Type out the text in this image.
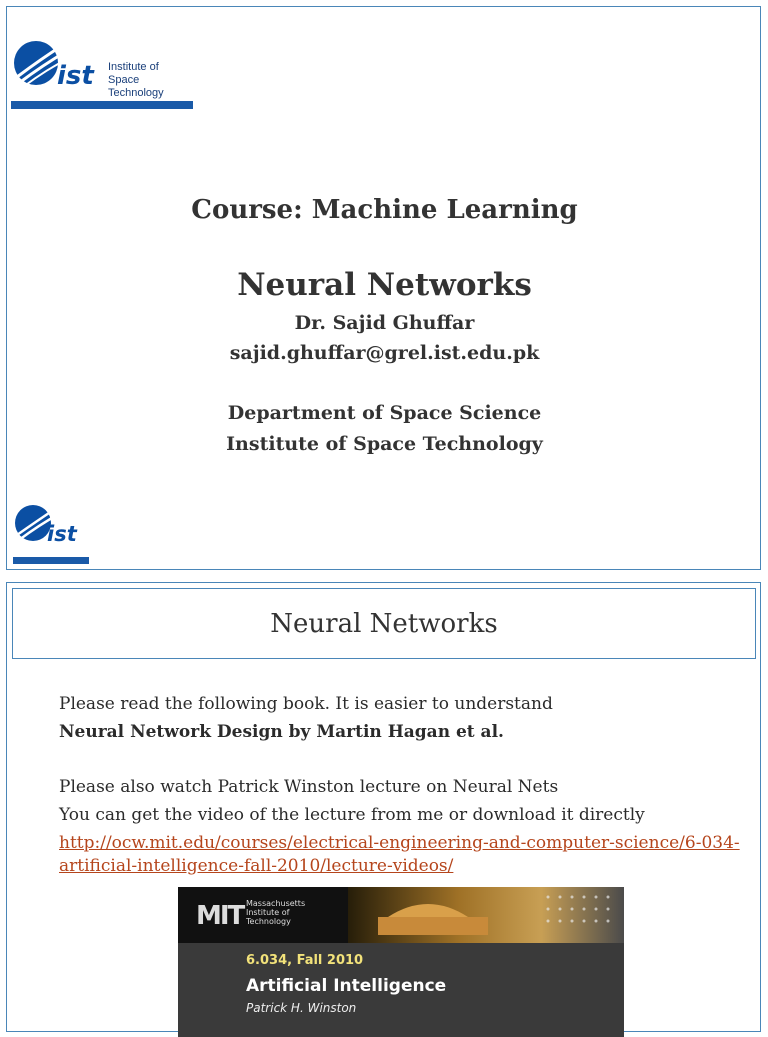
ist Institute of
Space Technology
Course: Machine Learning
Neural Networks
Dr. Sajid Ghuffar
sajid.ghuffar@grel.ist.edu.pk
Department of Space Science
Institute of Space Technology
ist
Neural Networks
Please read the following book. It is easier to understand
Neural Network Design by Martin Hagan et al.
Please also watch Patrick Winston lecture on Neural Nets
You can get the video of the lecture from me or download it directly
http://ocw.mit.edu/courses/electrical-engineering-and-computer-science/6-034-
artificial-intelligence-fall-2010/lecture-videos/
MIT Massachusetts
Institute of
Technology
6.034, Fall 2010
Artificial Intelligence
Patrick H. Winston
